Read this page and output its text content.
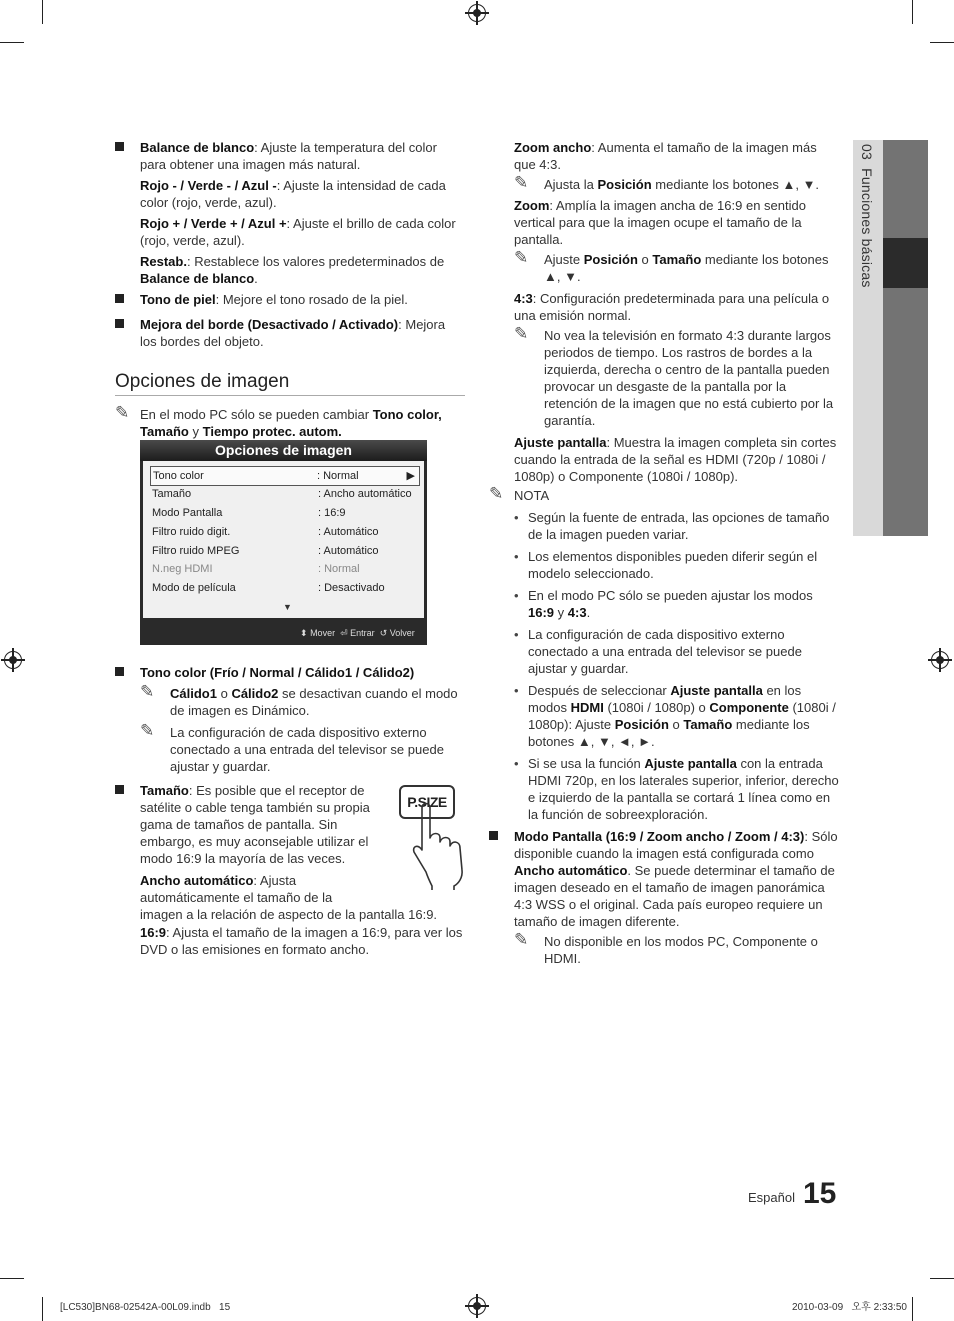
03  Funciones básicas

Balance de blanco: Ajuste la temperatura del color para obtener una imagen más natural.

Rojo - / Verde - / Azul -: Ajuste la intensidad de cada color (rojo, verde, azul).

Rojo + / Verde + / Azul +: Ajuste el brillo de cada color (rojo, verde, azul).

Restab.: Restablece los valores predeterminados de Balance de blanco.

Tono de piel: Mejore el tono rosado de la piel.
Mejora del borde (Desactivado / Activado): Mejora los bordes del objeto.
Opciones de imagen
✎ En el modo PC sólo se pueden cambiar Tono color, Tamaño y Tiempo protec. autom.
Opciones de imagen
Tono color	: Normal	▶
Tamaño	: Ancho automático
Modo Pantalla	: 16:9
Filtro ruido digit.	: Automático
Filtro ruido MPEG	: Automático
N.neg HDMI	: Normal
Modo de película	: Desactivado
▼
⬍ Mover ⏎ Entrar ↺ Volver
Tono color (Frío / Normal / Cálido1 / Cálido2)
✎ Cálido1 o Cálido2 se desactivan cuando el modo de imagen es Dinámico.
✎ La configuración de cada dispositivo externo conectado a una entrada del televisor se puede ajustar y guardar.

Tamaño: Es posible que el receptor de satélite o cable tenga también su propia gama de tamaños de pantalla. Sin embargo, es muy aconsejable utilizar el modo 16:9 la mayoría de las veces.

Ancho automático: Ajusta automáticamente el tamaño de la

imagen a la relación de aspecto de la pantalla 16:9.

16:9: Ajusta el tamaño de la imagen a 16:9, para ver los DVD o las emisiones en formato ancho.

P.SIZE

Zoom ancho: Aumenta el tamaño de la imagen más que 4:3.

✎ Ajusta la Posición mediante los botones ▲, ▼.

Zoom: Amplía la imagen ancha de 16:9 en sentido vertical para que la imagen ocupe el tamaño de la pantalla.

✎ Ajuste Posición o Tamaño mediante los botones ▲, ▼.

4:3: Configuración predeterminada para una película o una emisión normal.

✎ No vea la televisión en formato 4:3 durante largos periodos de tiempo. Los rastros de bordes a la izquierda, derecha o centro de la pantalla pueden provocar un desgaste de la pantalla por la retención de la imagen que no está cubierto por la garantía.

Ajuste pantalla: Muestra la imagen completa sin cortes cuando la entrada de la señal es HDMI (720p / 1080i / 1080p) o Componente (1080i / 1080p).

✎ NOTA
• Según la fuente de entrada, las opciones de tamaño de la imagen pueden variar.
• Los elementos disponibles pueden diferir según el modelo seleccionado.
• En el modo PC sólo se pueden ajustar los modos 16:9 y 4:3.
• La configuración de cada dispositivo externo conectado a una entrada del televisor se puede ajustar y guardar.
• Después de seleccionar Ajuste pantalla en los modos HDMI (1080i / 1080p) o Componente (1080i / 1080p): Ajuste Posición o Tamaño mediante los botones ▲, ▼, ◄, ►.
• Si se usa la función Ajuste pantalla con la entrada HDMI 720p, en los laterales superior, inferior, derecho e izquierdo de la pantalla se cortará 1 línea como en la función de sobreexploración.
Modo Pantalla (16:9 / Zoom ancho / Zoom / 4:3): Sólo disponible cuando la imagen está configurada como Ancho automático. Se puede determinar el tamaño de imagen deseado en el tamaño de imagen panorámica 4:3 WSS o el original. Cada país europeo requiere un tamaño de imagen diferente.
✎ No disponible en los modos PC, Componente o HDMI.
Español 15
[LC530]BN68-02542A-00L09.indb   15	2010-03-09   오후 2:33:50
